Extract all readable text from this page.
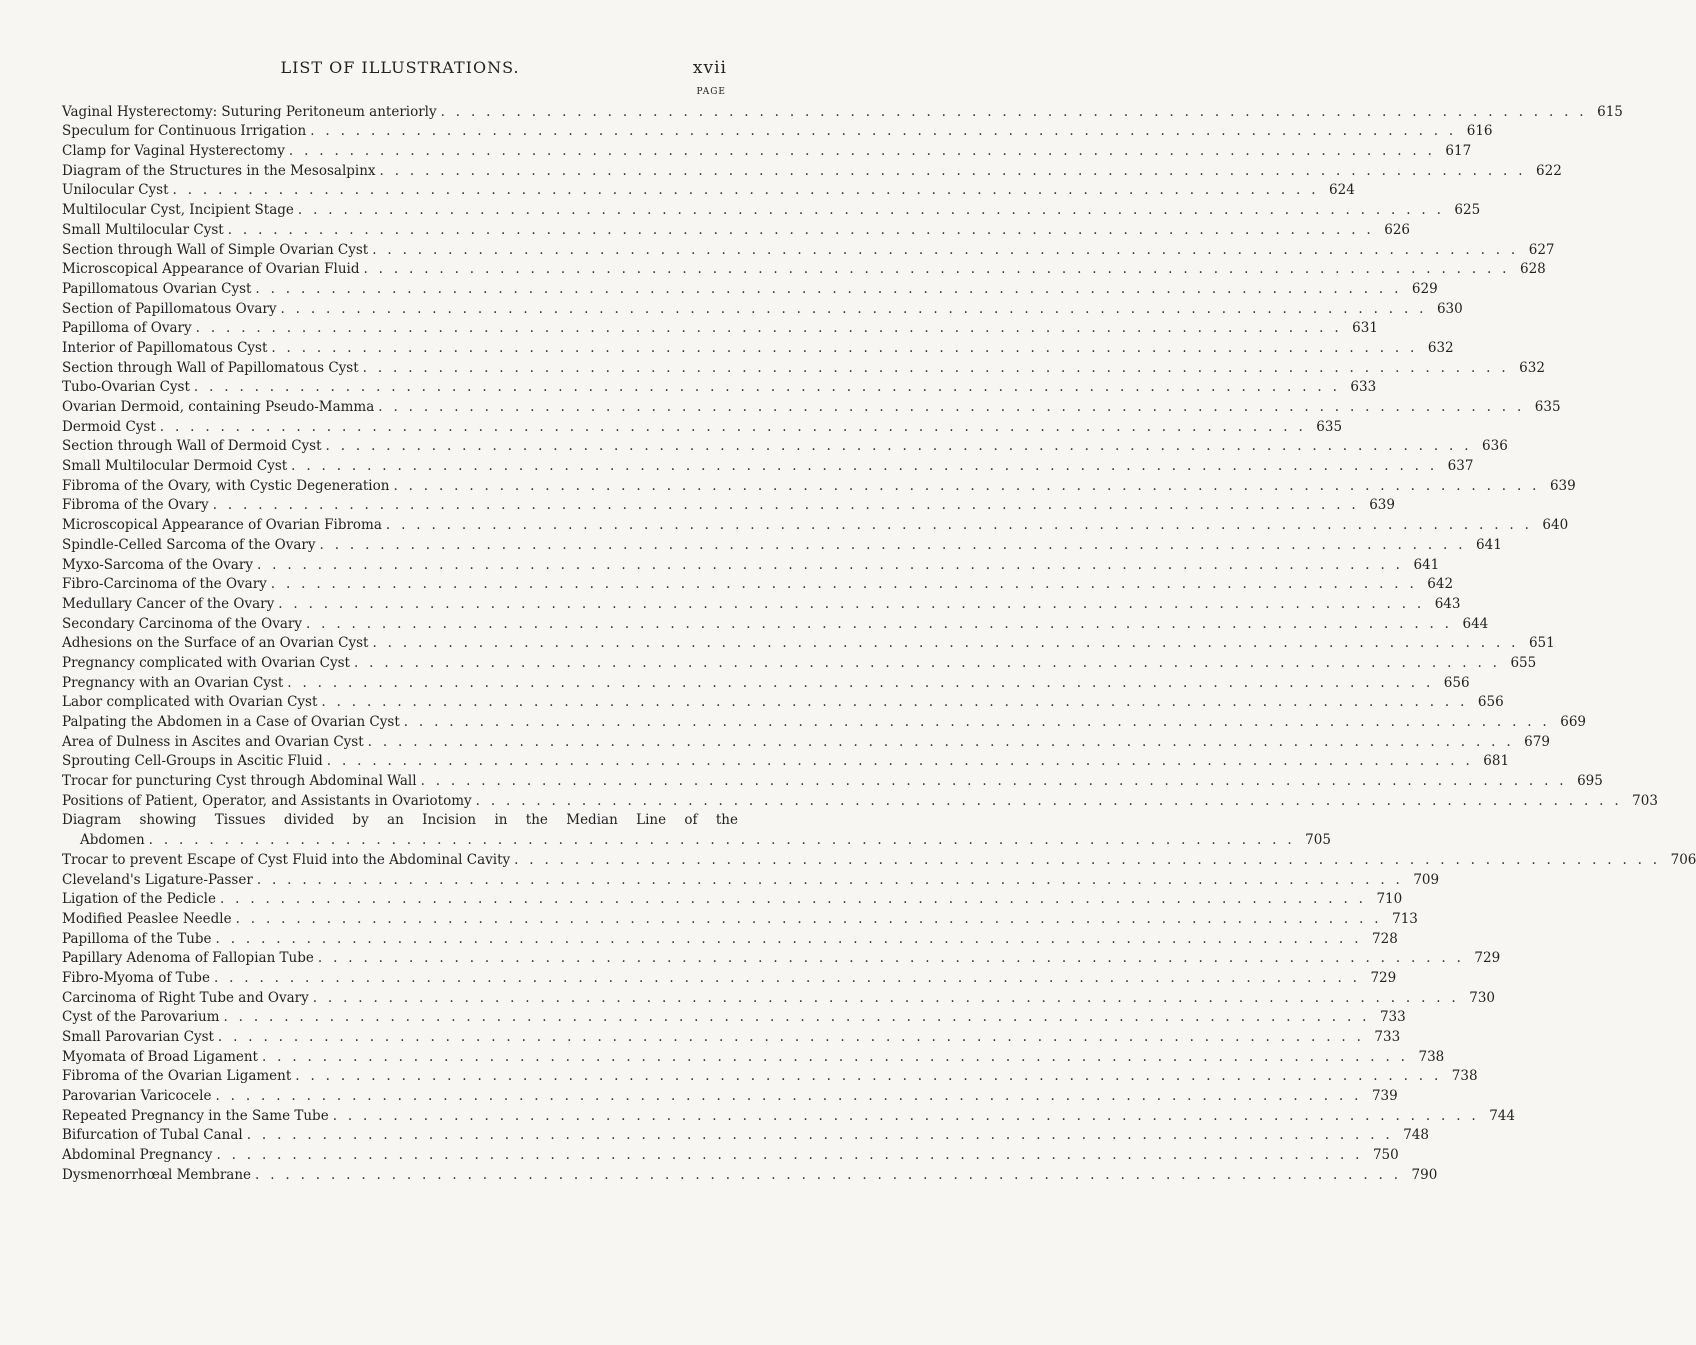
LIST OF ILLUSTRATIONS.	xvii
PAGE
Vaginal Hysterectomy: Suturing Peritoneum anteriorly . . . . . . . . . . . . . . . . . . . . . . . . . . . . . . . . . . . . . . . . . . . . . . . . . . . . . . . . . . . . . . . . . . . . . . . . . . . . 615
Speculum for Continuous Irrigation . . . . . . . . . . . . . . . . . . . . . . . . . . . . . . . . . . . . . . . . . . . . . . . . . . . . . . . . . . . . . . . . . . . . . . . . . . . . 616
Clamp for Vaginal Hysterectomy . . . . . . . . . . . . . . . . . . . . . . . . . . . . . . . . . . . . . . . . . . . . . . . . . . . . . . . . . . . . . . . . . . . . . . . . . . . . 617
Diagram of the Structures in the Mesosalpinx . . . . . . . . . . . . . . . . . . . . . . . . . . . . . . . . . . . . . . . . . . . . . . . . . . . . . . . . . . . . . . . . . . . . . . . . . . . . 622
Unilocular Cyst . . . . . . . . . . . . . . . . . . . . . . . . . . . . . . . . . . . . . . . . . . . . . . . . . . . . . . . . . . . . . . . . . . . . . . . . . . . . 624
Multilocular Cyst, Incipient Stage . . . . . . . . . . . . . . . . . . . . . . . . . . . . . . . . . . . . . . . . . . . . . . . . . . . . . . . . . . . . . . . . . . . . . . . . . . . . 625
Small Multilocular Cyst . . . . . . . . . . . . . . . . . . . . . . . . . . . . . . . . . . . . . . . . . . . . . . . . . . . . . . . . . . . . . . . . . . . . . . . . . . . . 626
Section through Wall of Simple Ovarian Cyst . . . . . . . . . . . . . . . . . . . . . . . . . . . . . . . . . . . . . . . . . . . . . . . . . . . . . . . . . . . . . . . . . . . . . . . . . . . . 627
Microscopical Appearance of Ovarian Fluid . . . . . . . . . . . . . . . . . . . . . . . . . . . . . . . . . . . . . . . . . . . . . . . . . . . . . . . . . . . . . . . . . . . . . . . . . . . . 628
Papillomatous Ovarian Cyst . . . . . . . . . . . . . . . . . . . . . . . . . . . . . . . . . . . . . . . . . . . . . . . . . . . . . . . . . . . . . . . . . . . . . . . . . . . . 629
Section of Papillomatous Ovary . . . . . . . . . . . . . . . . . . . . . . . . . . . . . . . . . . . . . . . . . . . . . . . . . . . . . . . . . . . . . . . . . . . . . . . . . . . . 630
Papilloma of Ovary . . . . . . . . . . . . . . . . . . . . . . . . . . . . . . . . . . . . . . . . . . . . . . . . . . . . . . . . . . . . . . . . . . . . . . . . . . . . 631
Interior of Papillomatous Cyst . . . . . . . . . . . . . . . . . . . . . . . . . . . . . . . . . . . . . . . . . . . . . . . . . . . . . . . . . . . . . . . . . . . . . . . . . . . . 632
Section through Wall of Papillomatous Cyst . . . . . . . . . . . . . . . . . . . . . . . . . . . . . . . . . . . . . . . . . . . . . . . . . . . . . . . . . . . . . . . . . . . . . . . . . . . . 632
Tubo-Ovarian Cyst . . . . . . . . . . . . . . . . . . . . . . . . . . . . . . . . . . . . . . . . . . . . . . . . . . . . . . . . . . . . . . . . . . . . . . . . . . . . 633
Ovarian Dermoid, containing Pseudo-Mamma . . . . . . . . . . . . . . . . . . . . . . . . . . . . . . . . . . . . . . . . . . . . . . . . . . . . . . . . . . . . . . . . . . . . . . . . . . . . 635
Dermoid Cyst . . . . . . . . . . . . . . . . . . . . . . . . . . . . . . . . . . . . . . . . . . . . . . . . . . . . . . . . . . . . . . . . . . . . . . . . . . . . 635
Section through Wall of Dermoid Cyst . . . . . . . . . . . . . . . . . . . . . . . . . . . . . . . . . . . . . . . . . . . . . . . . . . . . . . . . . . . . . . . . . . . . . . . . . . . . 636
Small Multilocular Dermoid Cyst . . . . . . . . . . . . . . . . . . . . . . . . . . . . . . . . . . . . . . . . . . . . . . . . . . . . . . . . . . . . . . . . . . . . . . . . . . . . 637
Fibroma of the Ovary, with Cystic Degeneration . . . . . . . . . . . . . . . . . . . . . . . . . . . . . . . . . . . . . . . . . . . . . . . . . . . . . . . . . . . . . . . . . . . . . . . . . . . . 639
Fibroma of the Ovary . . . . . . . . . . . . . . . . . . . . . . . . . . . . . . . . . . . . . . . . . . . . . . . . . . . . . . . . . . . . . . . . . . . . . . . . . . . . 639
Microscopical Appearance of Ovarian Fibroma . . . . . . . . . . . . . . . . . . . . . . . . . . . . . . . . . . . . . . . . . . . . . . . . . . . . . . . . . . . . . . . . . . . . . . . . . . . . 640
Spindle-Celled Sarcoma of the Ovary . . . . . . . . . . . . . . . . . . . . . . . . . . . . . . . . . . . . . . . . . . . . . . . . . . . . . . . . . . . . . . . . . . . . . . . . . . . . 641
Myxo-Sarcoma of the Ovary . . . . . . . . . . . . . . . . . . . . . . . . . . . . . . . . . . . . . . . . . . . . . . . . . . . . . . . . . . . . . . . . . . . . . . . . . . . . 641
Fibro-Carcinoma of the Ovary . . . . . . . . . . . . . . . . . . . . . . . . . . . . . . . . . . . . . . . . . . . . . . . . . . . . . . . . . . . . . . . . . . . . . . . . . . . . 642
Medullary Cancer of the Ovary . . . . . . . . . . . . . . . . . . . . . . . . . . . . . . . . . . . . . . . . . . . . . . . . . . . . . . . . . . . . . . . . . . . . . . . . . . . . 643
Secondary Carcinoma of the Ovary . . . . . . . . . . . . . . . . . . . . . . . . . . . . . . . . . . . . . . . . . . . . . . . . . . . . . . . . . . . . . . . . . . . . . . . . . . . . 644
Adhesions on the Surface of an Ovarian Cyst . . . . . . . . . . . . . . . . . . . . . . . . . . . . . . . . . . . . . . . . . . . . . . . . . . . . . . . . . . . . . . . . . . . . . . . . . . . . 651
Pregnancy complicated with Ovarian Cyst . . . . . . . . . . . . . . . . . . . . . . . . . . . . . . . . . . . . . . . . . . . . . . . . . . . . . . . . . . . . . . . . . . . . . . . . . . . . 655
Pregnancy with an Ovarian Cyst . . . . . . . . . . . . . . . . . . . . . . . . . . . . . . . . . . . . . . . . . . . . . . . . . . . . . . . . . . . . . . . . . . . . . . . . . . . . 656
Labor complicated with Ovarian Cyst . . . . . . . . . . . . . . . . . . . . . . . . . . . . . . . . . . . . . . . . . . . . . . . . . . . . . . . . . . . . . . . . . . . . . . . . . . . . 656
Palpating the Abdomen in a Case of Ovarian Cyst . . . . . . . . . . . . . . . . . . . . . . . . . . . . . . . . . . . . . . . . . . . . . . . . . . . . . . . . . . . . . . . . . . . . . . . . . . . . 669
Area of Dulness in Ascites and Ovarian Cyst . . . . . . . . . . . . . . . . . . . . . . . . . . . . . . . . . . . . . . . . . . . . . . . . . . . . . . . . . . . . . . . . . . . . . . . . . . . . 679
Sprouting Cell-Groups in Ascitic Fluid . . . . . . . . . . . . . . . . . . . . . . . . . . . . . . . . . . . . . . . . . . . . . . . . . . . . . . . . . . . . . . . . . . . . . . . . . . . . 681
Trocar for puncturing Cyst through Abdominal Wall . . . . . . . . . . . . . . . . . . . . . . . . . . . . . . . . . . . . . . . . . . . . . . . . . . . . . . . . . . . . . . . . . . . . . . . . . . . . 695
Positions of Patient, Operator, and Assistants in Ovariotomy . . . . . . . . . . . . . . . . . . . . . . . . . . . . . . . . . . . . . . . . . . . . . . . . . . . . . . . . . . . . . . . . . . . . . . . . . . . . 703
Diagram showing Tissues divided by an Incision in the Median Line of the
Abdomen . . . . . . . . . . . . . . . . . . . . . . . . . . . . . . . . . . . . . . . . . . . . . . . . . . . . . . . . . . . . . . . . . . . . . . . . . . . . 705
Trocar to prevent Escape of Cyst Fluid into the Abdominal Cavity . . . . . . . . . . . . . . . . . . . . . . . . . . . . . . . . . . . . . . . . . . . . . . . . . . . . . . . . . . . . . . . . . . . . . . . . . . . . 706
Cleveland's Ligature-Passer . . . . . . . . . . . . . . . . . . . . . . . . . . . . . . . . . . . . . . . . . . . . . . . . . . . . . . . . . . . . . . . . . . . . . . . . . . . . 709
Ligation of the Pedicle . . . . . . . . . . . . . . . . . . . . . . . . . . . . . . . . . . . . . . . . . . . . . . . . . . . . . . . . . . . . . . . . . . . . . . . . . . . . 710
Modified Peaslee Needle . . . . . . . . . . . . . . . . . . . . . . . . . . . . . . . . . . . . . . . . . . . . . . . . . . . . . . . . . . . . . . . . . . . . . . . . . . . . 713
Papilloma of the Tube . . . . . . . . . . . . . . . . . . . . . . . . . . . . . . . . . . . . . . . . . . . . . . . . . . . . . . . . . . . . . . . . . . . . . . . . . . . . 728
Papillary Adenoma of Fallopian Tube . . . . . . . . . . . . . . . . . . . . . . . . . . . . . . . . . . . . . . . . . . . . . . . . . . . . . . . . . . . . . . . . . . . . . . . . . . . . 729
Fibro-Myoma of Tube . . . . . . . . . . . . . . . . . . . . . . . . . . . . . . . . . . . . . . . . . . . . . . . . . . . . . . . . . . . . . . . . . . . . . . . . . . . . 729
Carcinoma of Right Tube and Ovary . . . . . . . . . . . . . . . . . . . . . . . . . . . . . . . . . . . . . . . . . . . . . . . . . . . . . . . . . . . . . . . . . . . . . . . . . . . . 730
Cyst of the Parovarium . . . . . . . . . . . . . . . . . . . . . . . . . . . . . . . . . . . . . . . . . . . . . . . . . . . . . . . . . . . . . . . . . . . . . . . . . . . . 733
Small Parovarian Cyst . . . . . . . . . . . . . . . . . . . . . . . . . . . . . . . . . . . . . . . . . . . . . . . . . . . . . . . . . . . . . . . . . . . . . . . . . . . . 733
Myomata of Broad Ligament . . . . . . . . . . . . . . . . . . . . . . . . . . . . . . . . . . . . . . . . . . . . . . . . . . . . . . . . . . . . . . . . . . . . . . . . . . . . 738
Fibroma of the Ovarian Ligament . . . . . . . . . . . . . . . . . . . . . . . . . . . . . . . . . . . . . . . . . . . . . . . . . . . . . . . . . . . . . . . . . . . . . . . . . . . . 738
Parovarian Varicocele . . . . . . . . . . . . . . . . . . . . . . . . . . . . . . . . . . . . . . . . . . . . . . . . . . . . . . . . . . . . . . . . . . . . . . . . . . . . 739
Repeated Pregnancy in the Same Tube . . . . . . . . . . . . . . . . . . . . . . . . . . . . . . . . . . . . . . . . . . . . . . . . . . . . . . . . . . . . . . . . . . . . . . . . . . . . 744
Bifurcation of Tubal Canal . . . . . . . . . . . . . . . . . . . . . . . . . . . . . . . . . . . . . . . . . . . . . . . . . . . . . . . . . . . . . . . . . . . . . . . . . . . . 748
Abdominal Pregnancy . . . . . . . . . . . . . . . . . . . . . . . . . . . . . . . . . . . . . . . . . . . . . . . . . . . . . . . . . . . . . . . . . . . . . . . . . . . . 750
Dysmenorrhœal Membrane . . . . . . . . . . . . . . . . . . . . . . . . . . . . . . . . . . . . . . . . . . . . . . . . . . . . . . . . . . . . . . . . . . . . . . . . . . . . 790
